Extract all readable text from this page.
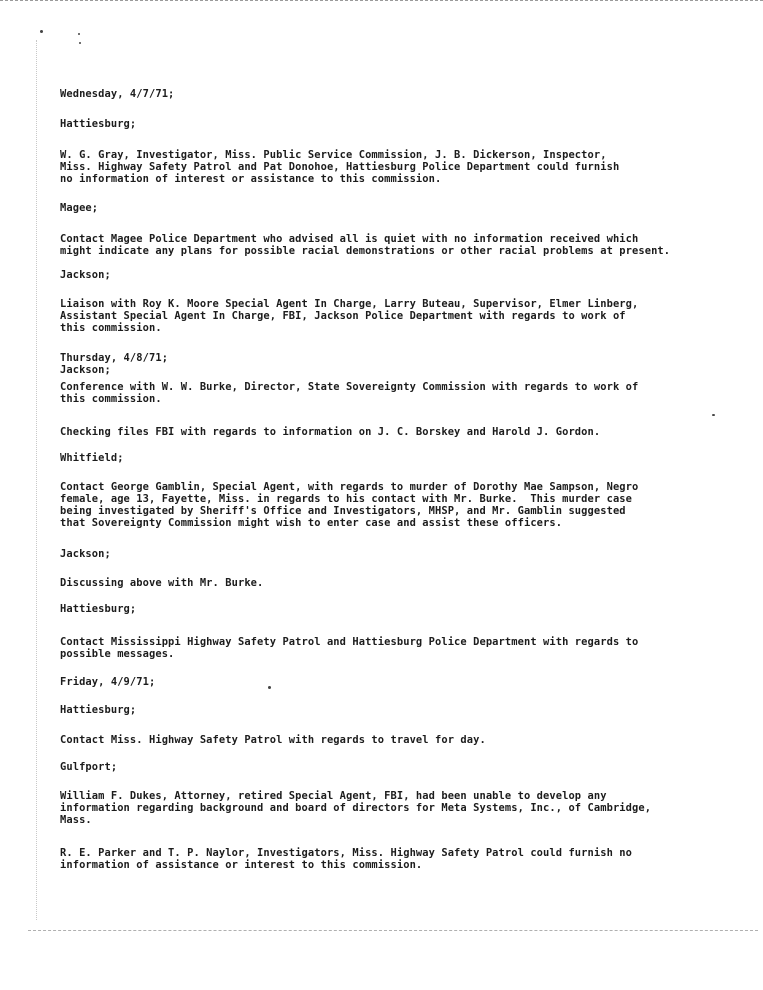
Wednesday, 4/7/71;
Hattiesburg;
W. G. Gray, Investigator, Miss. Public Service Commission, J. B. Dickerson, Inspector,
Miss. Highway Safety Patrol and Pat Donohoe, Hattiesburg Police Department could furnish
no information of interest or assistance to this commission.
Magee;
Contact Magee Police Department who advised all is quiet with no information received which
might indicate any plans for possible racial demonstrations or other racial problems at present.
Jackson;
Liaison with Roy K. Moore Special Agent In Charge, Larry Buteau, Supervisor, Elmer Linberg,
Assistant Special Agent In Charge, FBI, Jackson Police Department with regards to work of
this commission.
Thursday, 4/8/71;
Jackson;
Conference with W. W. Burke, Director, State Sovereignty Commission with regards to work of
this commission.
Checking files FBI with regards to information on J. C. Borskey and Harold J. Gordon.
Whitfield;
Contact George Gamblin, Special Agent, with regards to murder of Dorothy Mae Sampson, Negro
female, age 13, Fayette, Miss. in regards to his contact with Mr. Burke.  This murder case
being investigated by Sheriff's Office and Investigators, MHSP, and Mr. Gamblin suggested
that Sovereignty Commission might wish to enter case and assist these officers.
Jackson;
Discussing above with Mr. Burke.
Hattiesburg;
Contact Mississippi Highway Safety Patrol and Hattiesburg Police Department with regards to
possible messages.
Friday, 4/9/71;
Hattiesburg;
Contact Miss. Highway Safety Patrol with regards to travel for day.
Gulfport;
William F. Dukes, Attorney, retired Special Agent, FBI, had been unable to develop any
information regarding background and board of directors for Meta Systems, Inc., of Cambridge,
Mass.
R. E. Parker and T. P. Naylor, Investigators, Miss. Highway Safety Patrol could furnish no
information of assistance or interest to this commission.
